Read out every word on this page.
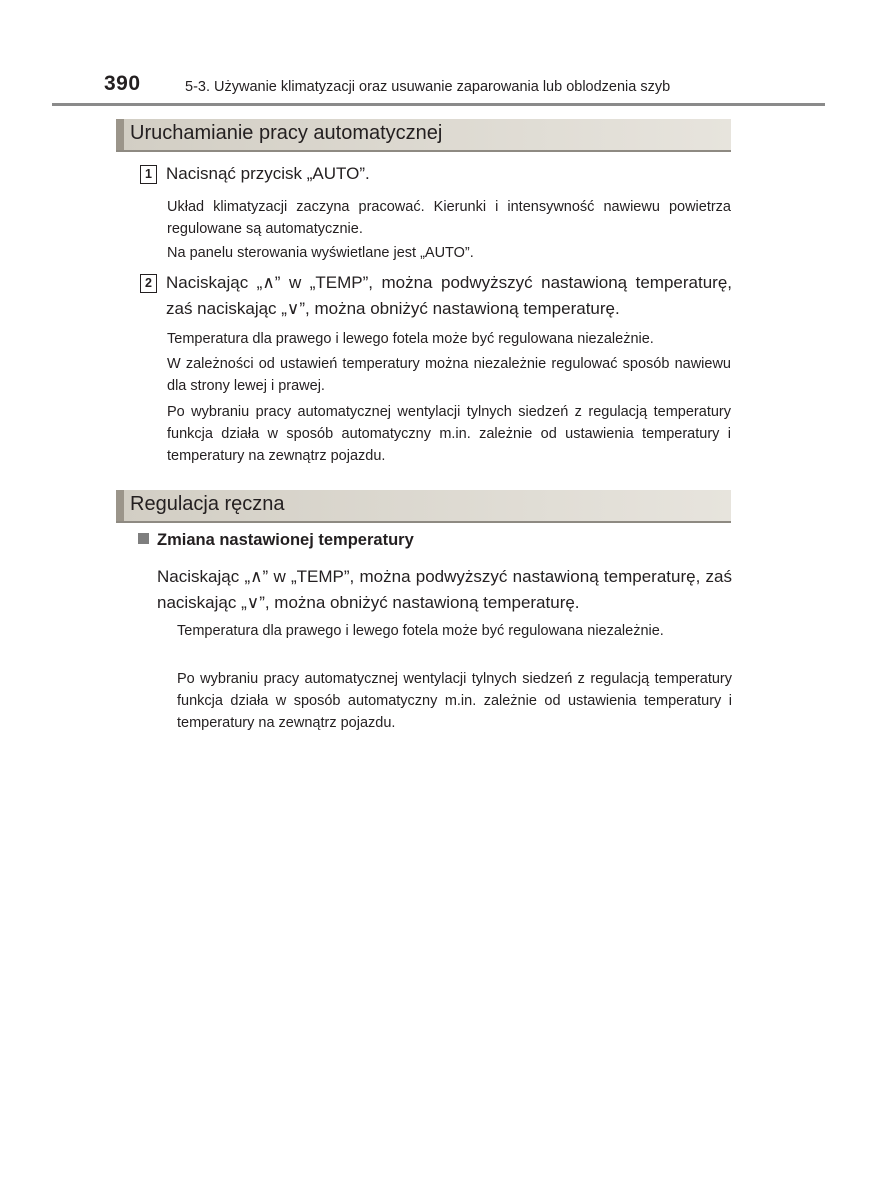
390	5-3. Używanie klimatyzacji oraz usuwanie zaparowania lub oblodzenia szyb
Uruchamianie pracy automatycznej
1 Nacisnąć przycisk „AUTO”.
Układ klimatyzacji zaczyna pracować. Kierunki i intensywność nawiewu powietrza regulowane są automatycznie.
Na panelu sterowania wyświetlane jest „AUTO”.
2 Naciskając „∧” w „TEMP”, można podwyższyć nastawioną temperaturę, zaś naciskając „∨”, można obniżyć nastawioną temperaturę.
Temperatura dla prawego i lewego fotela może być regulowana niezależnie.
W zależności od ustawień temperatury można niezależnie regulować sposób nawiewu dla strony lewej i prawej.
Po wybraniu pracy automatycznej wentylacji tylnych siedzeń z regulacją temperatury funkcja działa w sposób automatyczny m.in. zależnie od ustawienia temperatury i temperatury na zewnątrz pojazdu.
Regulacja ręczna
Zmiana nastawionej temperatury
Naciskając „∧” w „TEMP”, można podwyższyć nastawioną temperaturę, zaś naciskając „∨”, można obniżyć nastawioną temperaturę.
Temperatura dla prawego i lewego fotela może być regulowana niezależnie.
Po wybraniu pracy automatycznej wentylacji tylnych siedzeń z regulacją temperatury funkcja działa w sposób automatyczny m.in. zależnie od ustawienia temperatury i temperatury na zewnątrz pojazdu.
